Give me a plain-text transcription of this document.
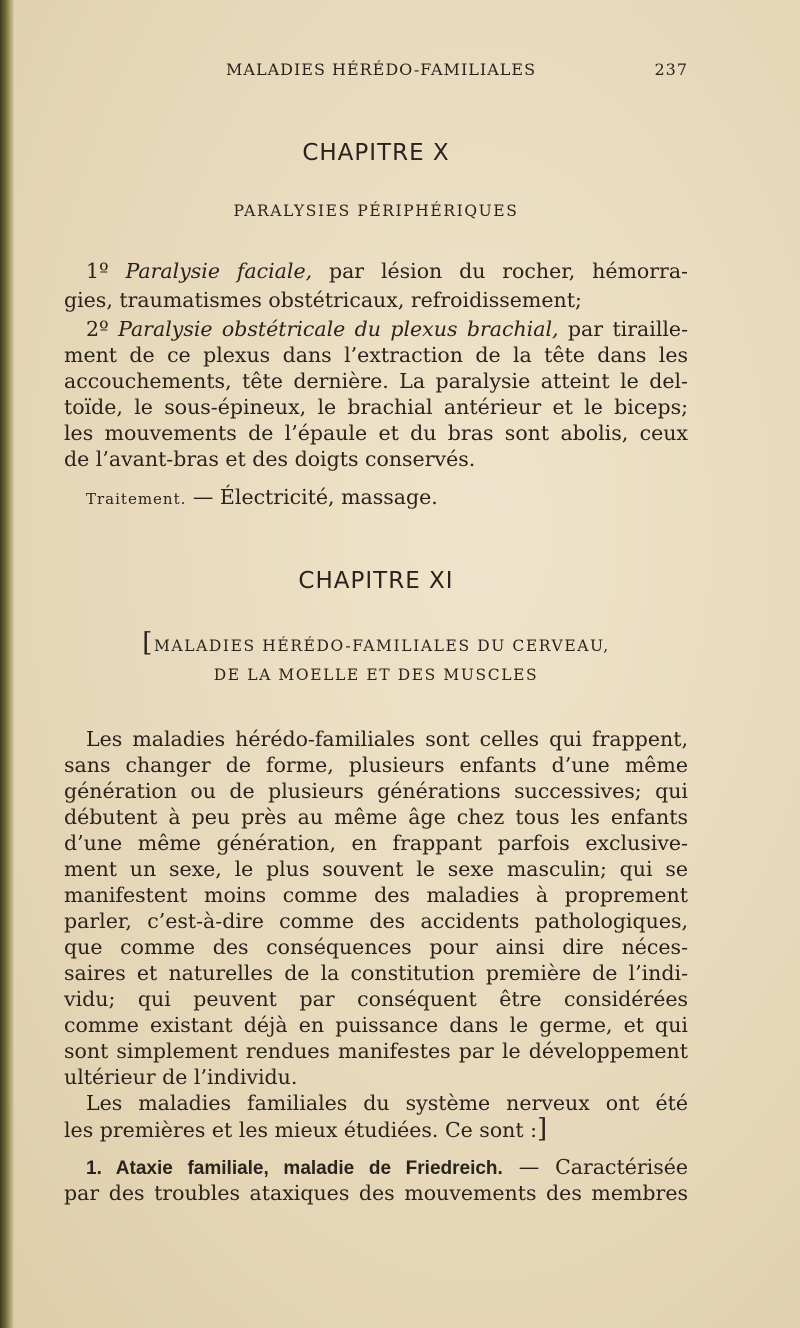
MALADIES HÉRÉDO-FAMILIALES	237
CHAPITRE X
PARALYSIES PÉRIPHÉRIQUES
1º Paralysie faciale, par lésion du rocher, hémorra-
gies, traumatismes obstétricaux, refroidissement;
2º Paralysie obstétricale du plexus brachial, par tiraille-
ment de ce plexus dans l’extraction de la tête dans les
accouchements, tête dernière. La paralysie atteint le del-
toïde, le sous-épineux, le brachial antérieur et le biceps;
les mouvements de l’épaule et du bras sont abolis, ceux
de l’avant-bras et des doigts conservés.
Traitement. — Électricité, massage.
CHAPITRE XI
[MALADIES HÉRÉDO-FAMILIALES DU CERVEAU,
DE LA MOELLE ET DES MUSCLES
Les maladies hérédo-familiales sont celles qui frappent,
sans changer de forme, plusieurs enfants d’une même
génération ou de plusieurs générations successives; qui
débutent à peu près au même âge chez tous les enfants
d’une même génération, en frappant parfois exclusive-
ment un sexe, le plus souvent le sexe masculin; qui se
manifestent moins comme des maladies à proprement
parler, c’est-à-dire comme des accidents pathologiques,
que comme des conséquences pour ainsi dire néces-
saires et naturelles de la constitution première de l’indi-
vidu; qui peuvent par conséquent être considérées
comme existant déjà en puissance dans le germe, et qui
sont simplement rendues manifestes par le développement
ultérieur de l’individu.
Les maladies familiales du système nerveux ont été
les premières et les mieux étudiées. Ce sont :]
1. Ataxie familiale, maladie de Friedreich. — Caractérisée
par des troubles ataxiques des mouvements des membres
